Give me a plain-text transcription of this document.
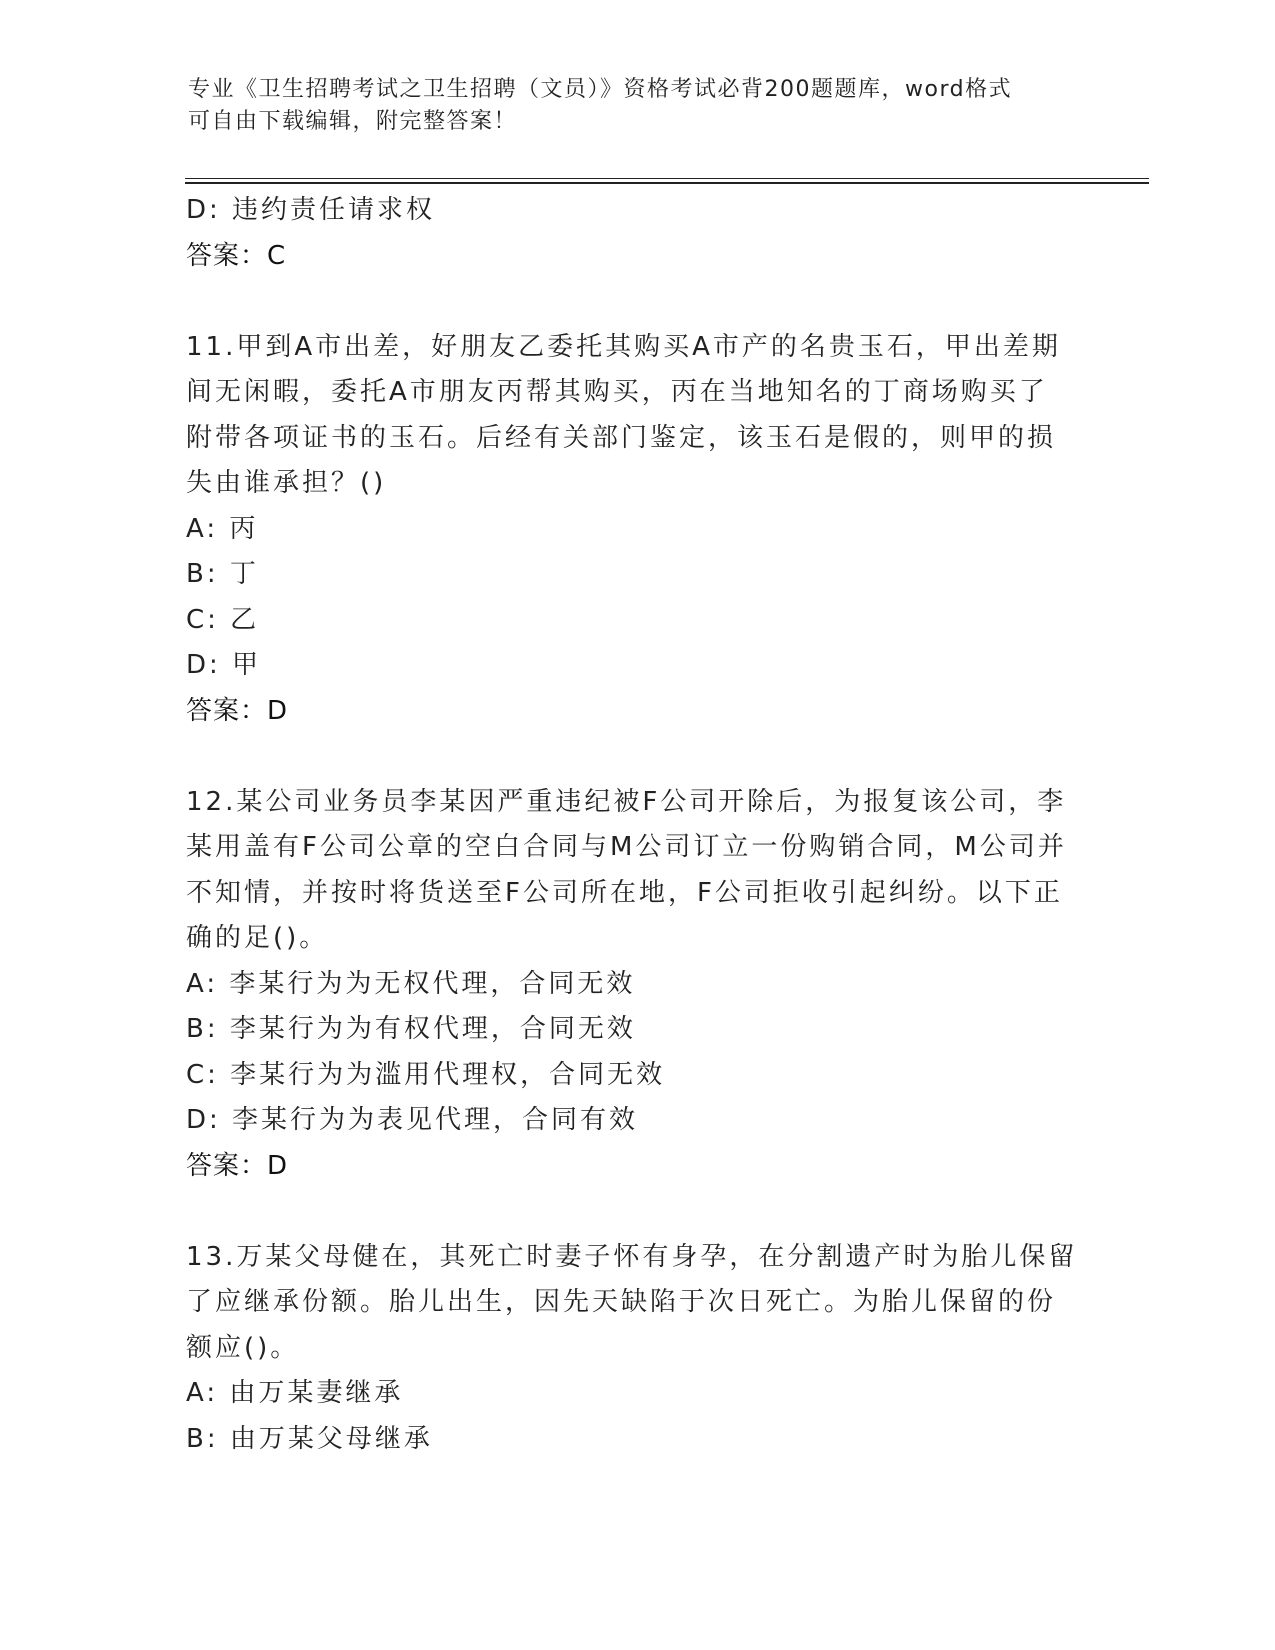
专业《卫生招聘考试之卫生招聘（文员）》资格考试必背200题题库，word格式
可自由下载编辑，附完整答案！
D: 违约责任请求权
答案：C
11.甲到A市出差，好朋友乙委托其购买A市产的名贵玉石，甲出差期
间无闲暇，委托A市朋友丙帮其购买，丙在当地知名的丁商场购买了
附带各项证书的玉石。后经有关部门鉴定，该玉石是假的，则甲的损
失由谁承担？()
A: 丙
B: 丁
C: 乙
D: 甲
答案：D
12.某公司业务员李某因严重违纪被F公司开除后，为报复该公司，李
某用盖有F公司公章的空白合同与M公司订立一份购销合同，M公司并
不知情，并按时将货送至F公司所在地，F公司拒收引起纠纷。以下正
确的足()。
A: 李某行为为无权代理，合同无效
B: 李某行为为有权代理，合同无效
C: 李某行为为滥用代理权，合同无效
D: 李某行为为表见代理，合同有效
答案：D
13.万某父母健在，其死亡时妻子怀有身孕，在分割遗产时为胎儿保留
了应继承份额。胎儿出生，因先天缺陷于次日死亡。为胎儿保留的份
额应()。
A: 由万某妻继承
B: 由万某父母继承
